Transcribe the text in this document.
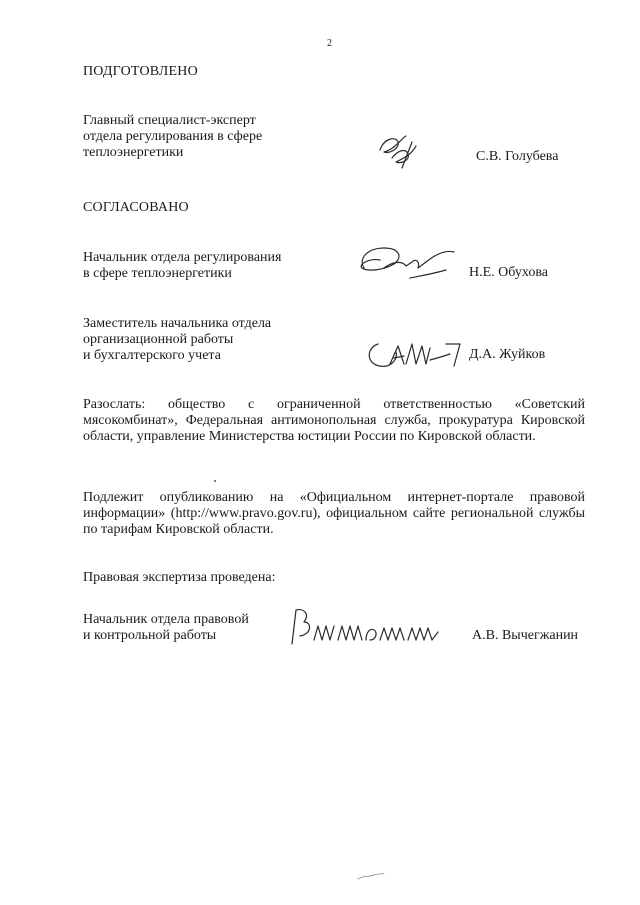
2
ПОДГОТОВЛЕНО
Главный специалист-эксперт
отдела регулирования в сфере
теплоэнергетики	С.В. Голубева
СОГЛАСОВАНО
Начальник отдела регулирования
в сфере теплоэнергетики	Н.Е. Обухова
Заместитель начальника отдела
организационной работы
и бухгалтерского учета	Д.А. Жуйков
Разослать: общество с ограниченной ответственностью «Советский мясокомбинат», Федеральная антимонопольная служба, прокуратура Кировской области, управление Министерства юстиции России по Кировской области.
Подлежит опубликованию на «Официальном интернет-портале правовой информации» (http://www.pravo.gov.ru), официальном сайте региональной службы по тарифам Кировской области.
Правовая экспертиза проведена:
Начальник отдела правовой
и контрольной работы	А.В. Вычегжанин
